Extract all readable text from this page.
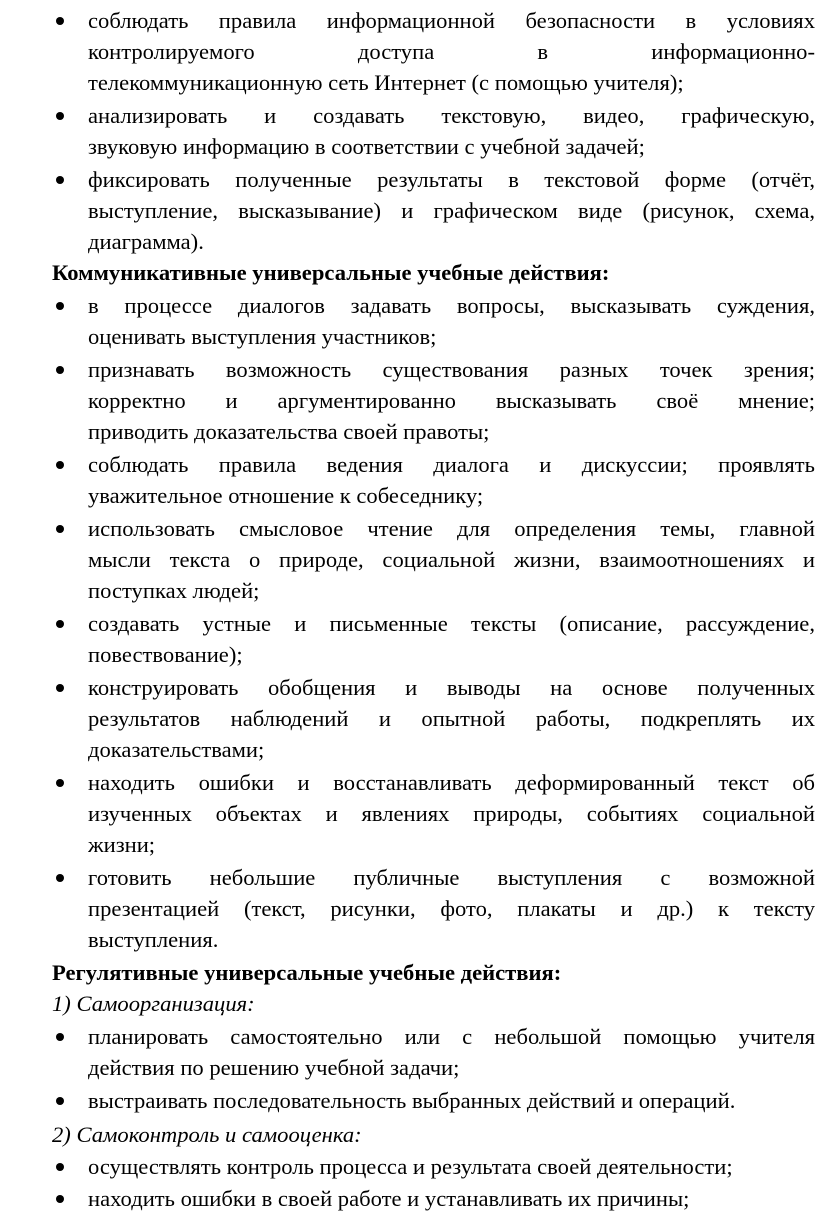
соблюдать правила информационной безопасности в условиях
контролируемого доступа в информационно-
телекоммуникационную сеть Интернет (с помощью учителя);
анализировать и создавать текстовую, видео, графическую,
звуковую информацию в соответствии с учебной задачей;
фиксировать полученные результаты в текстовой форме (отчёт,
выступление, высказывание) и графическом виде (рисунок, схема,
диаграмма).
Коммуникативные универсальные учебные действия:
в процессе диалогов задавать вопросы, высказывать суждения,
оценивать выступления участников;
признавать возможность существования разных точек зрения;
корректно и аргументированно высказывать своё мнение;
приводить доказательства своей правоты;
соблюдать правила ведения диалога и дискуссии; проявлять
уважительное отношение к собеседнику;
использовать смысловое чтение для определения темы, главной
мысли текста о природе, социальной жизни, взаимоотношениях и
поступках людей;
создавать устные и письменные тексты (описание, рассуждение,
повествование);
конструировать обобщения и выводы на основе полученных
результатов наблюдений и опытной работы, подкреплять их
доказательствами;
находить ошибки и восстанавливать деформированный текст об
изученных объектах и явлениях природы, событиях социальной
жизни;
готовить небольшие публичные выступления с возможной
презентацией (текст, рисунки, фото, плакаты и др.) к тексту
выступления.
Регулятивные универсальные учебные действия:
1) Самоорганизация:
планировать самостоятельно или с небольшой помощью учителя
действия по решению учебной задачи;
выстраивать последовательность выбранных действий и операций.
2) Самоконтроль и самооценка:
осуществлять контроль процесса и результата своей деятельности;
находить ошибки в своей работе и устанавливать их причины;
